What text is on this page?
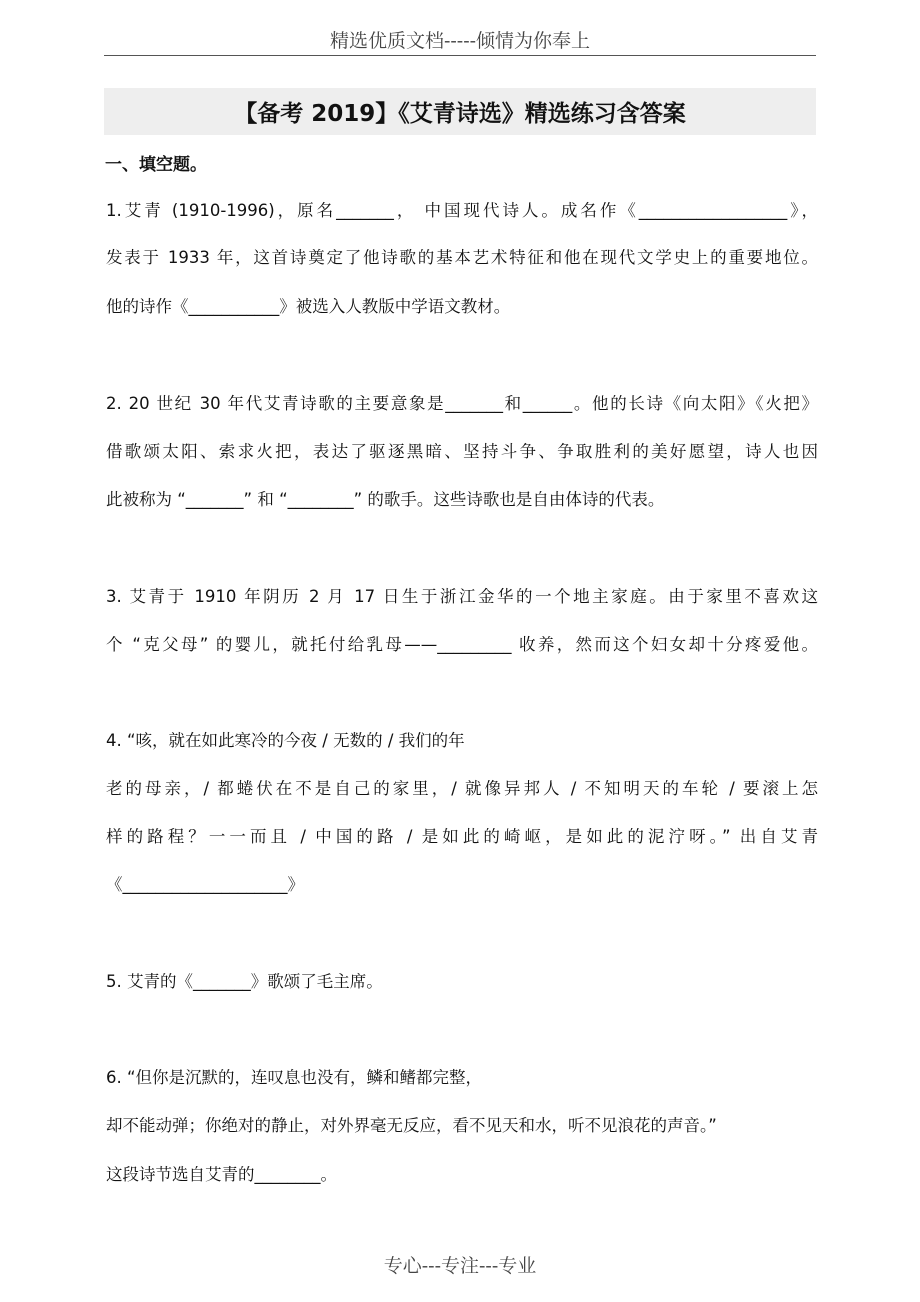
精选优质文档-----倾情为你奉上
【备考 2019】《艾青诗选》精选练习含答案
一、填空题。
1.艾青 (1910-1996)，原名_______， 中国现代诗人。成名作《__________________》，
发表于 1933 年，这首诗奠定了他诗歌的基本艺术特征和他在现代文学史上的重要地位。
他的诗作《___________》被选入人教版中学语文教材。
2. 20 世纪 30 年代艾青诗歌的主要意象是_______和______。他的长诗《向太阳》《火把》
借歌颂太阳、索求火把，表达了驱逐黑暗、坚持斗争、争取胜利的美好愿望，诗人也因
此被称为 “_______” 和 “________” 的歌手。这些诗歌也是自由体诗的代表。
3. 艾青于 1910 年阴历 2 月 17 日生于浙江金华的一个地主家庭。由于家里不喜欢这
个 “克父母” 的婴儿，就托付给乳母——_________ 收养，然而这个妇女却十分疼爱他。
4. “咳，就在如此寒冷的今夜 / 无数的 / 我们的年
老的母亲，/ 都蜷伏在不是自己的家里，/ 就像异邦人 / 不知明天的车轮 / 要滚上怎
样的路程？一一而且 / 中国的路 / 是如此的崎岖，是如此的泥泞呀。” 出自艾青
《____________________》
5. 艾青的《_______》歌颂了毛主席。
6. “但你是沉默的，连叹息也没有，鳞和鳍都完整，
却不能动弹；你绝对的静止，对外界毫无反应，看不见天和水，听不见浪花的声音。”
这段诗节选自艾青的________。
专心---专注---专业
